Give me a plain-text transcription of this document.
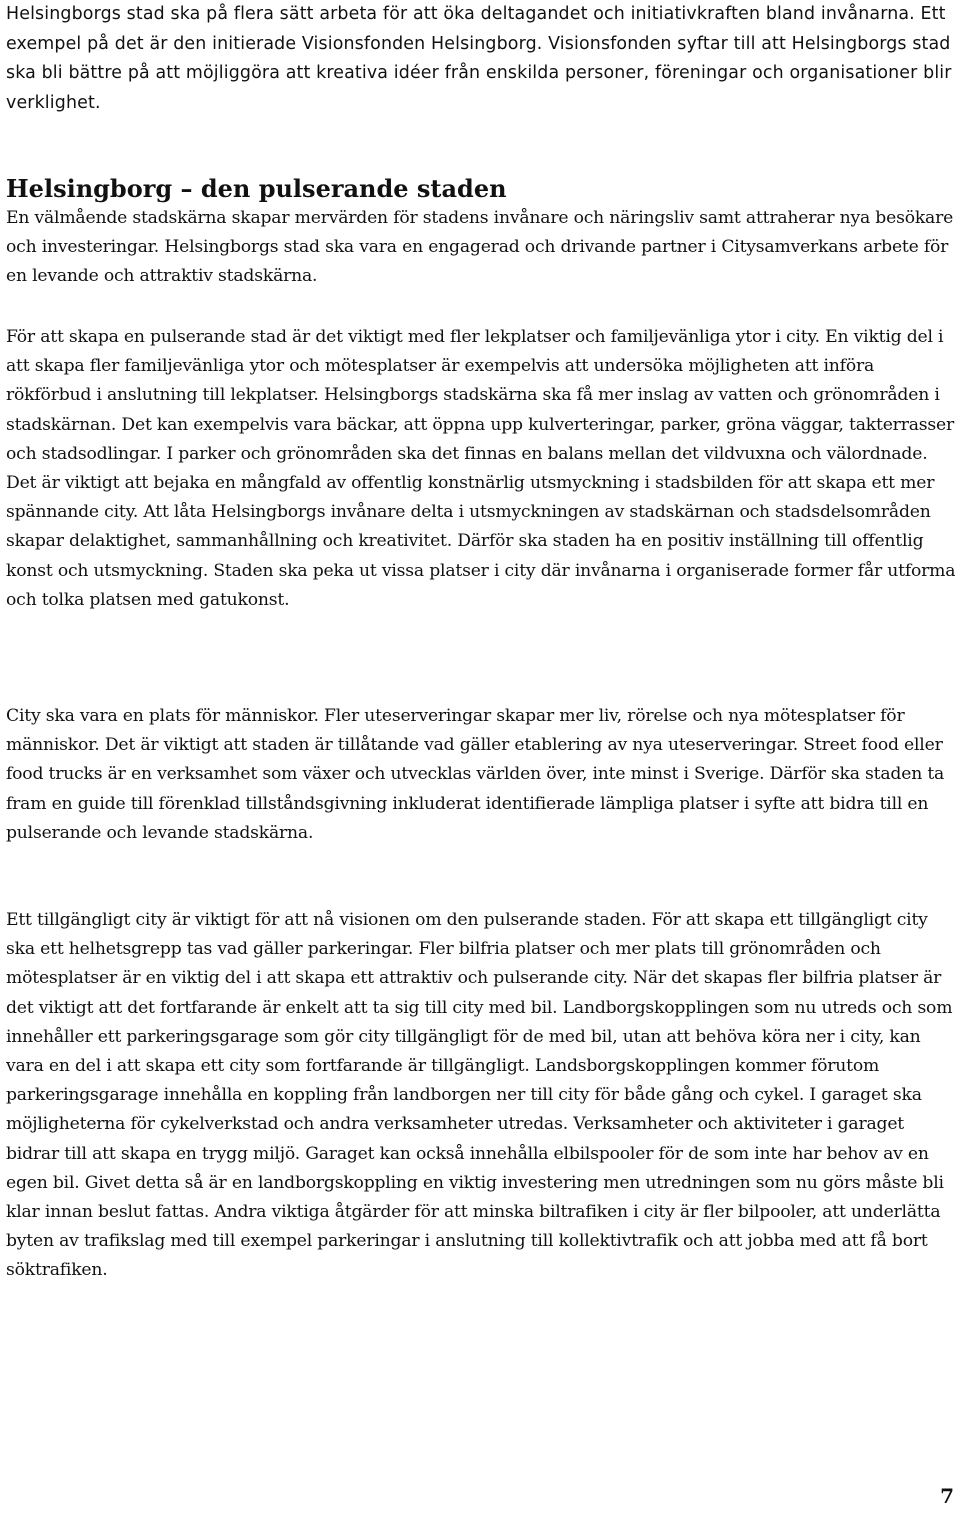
Helsingborgs stad ska på flera sätt arbeta för att öka deltagandet och initiativkraften bland invånarna. Ett exempel på det är den initierade Visionsfonden Helsingborg. Visionsfonden syftar till att Helsingborgs stad ska bli bättre på att möjliggöra att kreativa idéer från enskilda personer, föreningar och organisationer blir verklighet.

Helsingborg – den pulserande staden

En välmående stadskärna skapar mervärden för stadens invånare och näringsliv samt attraherar nya besökare och investeringar. Helsingborgs stad ska vara en engagerad och drivande partner i Citysamverkans arbete för en levande och attraktiv stadskärna.

För att skapa en pulserande stad är det viktigt med fler lekplatser och familjevänliga ytor i city. En viktig del i att skapa fler familjevänliga ytor och mötesplatser är exempelvis att undersöka möjligheten att införa rökförbud i anslutning till lekplatser. Helsingborgs stadskärna ska få mer inslag av vatten och grönområden i stadskärnan. Det kan exempelvis vara bäckar, att öppna upp kulverteringar, parker, gröna väggar, takterrasser och stadsodlingar. I parker och grönområden ska det finnas en balans mellan det vildvuxna och välordnade. Det är viktigt att bejaka en mångfald av offentlig konstnärlig utsmyckning i stadsbilden för att skapa ett mer spännande city. Att låta Helsingborgs invånare delta i utsmyckningen av stadskärnan och stadsdelsområden skapar delaktighet, sammanhållning och kreativitet. Därför ska staden ha en positiv inställning till offentlig konst och utsmyckning. Staden ska peka ut vissa platser i city där invånarna i organiserade former får utforma och tolka platsen med gatukonst.

City ska vara en plats för människor. Fler uteserveringar skapar mer liv, rörelse och nya mötesplatser för människor. Det är viktigt att staden är tillåtande vad gäller etablering av nya uteserveringar. Street food eller food trucks är en verksamhet som växer och utvecklas världen över, inte minst i Sverige. Därför ska staden ta fram en guide till förenklad tillståndsgivning inkluderat identifierade lämpliga platser i syfte att bidra till en pulserande och levande stadskärna.

Ett tillgängligt city är viktigt för att nå visionen om den pulserande staden. För att skapa ett tillgängligt city ska ett helhetsgrepp tas vad gäller parkeringar. Fler bilfria platser och mer plats till grönområden och mötesplatser är en viktig del i att skapa ett attraktiv och pulserande city. När det skapas fler bilfria platser är det viktigt att det fortfarande är enkelt att ta sig till city med bil. Landborgskopplingen som nu utreds och som innehåller ett parkeringsgarage som gör city tillgängligt för de med bil, utan att behöva köra ner i city, kan vara en del i att skapa ett city som fortfarande är tillgängligt. Landsborgskopplingen kommer förutom parkeringsgarage innehålla en koppling från landborgen ner till city för både gång och cykel. I garaget ska möjligheterna för cykelverkstad och andra verksamheter utredas. Verksamheter och aktiviteter i garaget bidrar till att skapa en trygg miljö. Garaget kan också innehålla elbilspooler för de som inte har behov av en egen bil. Givet detta så är en landborgskoppling en viktig investering men utredningen som nu görs måste bli klar innan beslut fattas. Andra viktiga åtgärder för att minska biltrafiken i city är fler bilpooler, att underlätta byten av trafikslag med till exempel parkeringar i anslutning till kollektivtrafik och att jobba med att få bort söktrafiken.

7
